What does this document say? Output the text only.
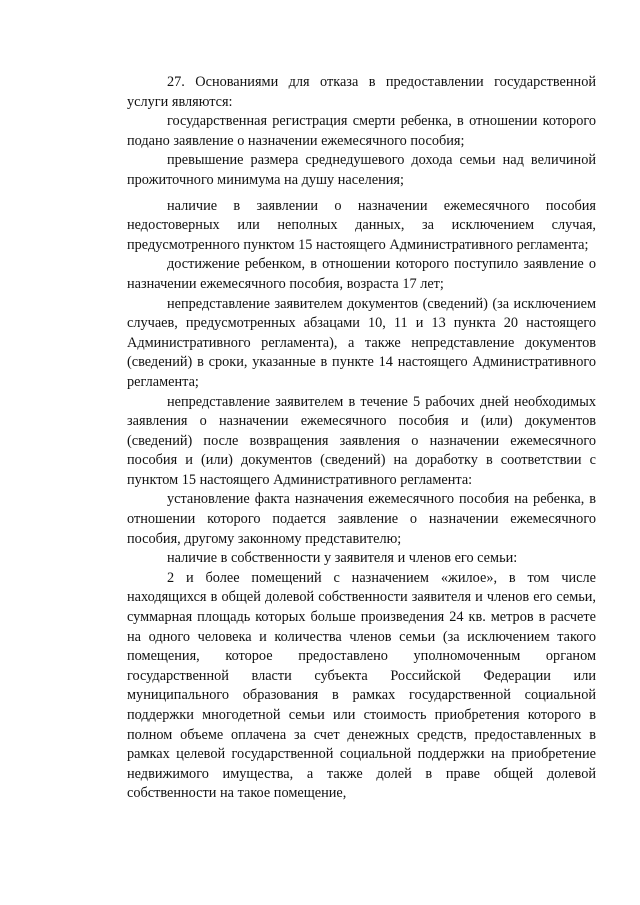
27. Основаниями для отказа в предоставлении государственной услуги являются:

государственная регистрация смерти ребенка, в отношении которого подано заявление о назначении ежемесячного пособия;

превышение размера среднедушевого дохода семьи над величиной прожиточного минимума на душу населения;

наличие в заявлении о назначении ежемесячного пособия недостоверных или неполных данных, за исключением случая, предусмотренного пунктом 15 настоящего Административного регламента;

достижение ребенком, в отношении которого поступило заявление о назначении ежемесячного пособия, возраста 17 лет;

непредставление заявителем документов (сведений) (за исключением случаев, предусмотренных абзацами 10, 11 и 13 пункта 20 настоящего Административного регламента), а также непредставление документов (сведений) в сроки, указанные в пункте 14 настоящего Административного регламента;

непредставление заявителем в течение 5 рабочих дней необходимых заявления о назначении ежемесячного пособия и (или) документов (сведений) после возвращения заявления о назначении ежемесячного пособия и (или) документов (сведений) на доработку в соответствии с пунктом 15 настоящего Административного регламента:

установление факта назначения ежемесячного пособия на ребенка, в отношении которого подается заявление о назначении ежемесячного пособия, другому законному представителю;

наличие в собственности у заявителя и членов его семьи:

2 и более помещений с назначением «жилое», в том числе находящихся в общей долевой собственности заявителя и членов его семьи, суммарная площадь которых больше произведения 24 кв. метров в расчете на одного человека и количества членов семьи (за исключением такого помещения, которое предоставлено уполномоченным органом государственной власти субъекта Российской Федерации или муниципального образования в рамках государственной социальной поддержки многодетной семьи или стоимость приобретения которого в полном объеме оплачена за счет денежных средств, предоставленных в рамках целевой государственной социальной поддержки на приобретение недвижимого имущества, а также долей в праве общей долевой собственности на такое помещение,
